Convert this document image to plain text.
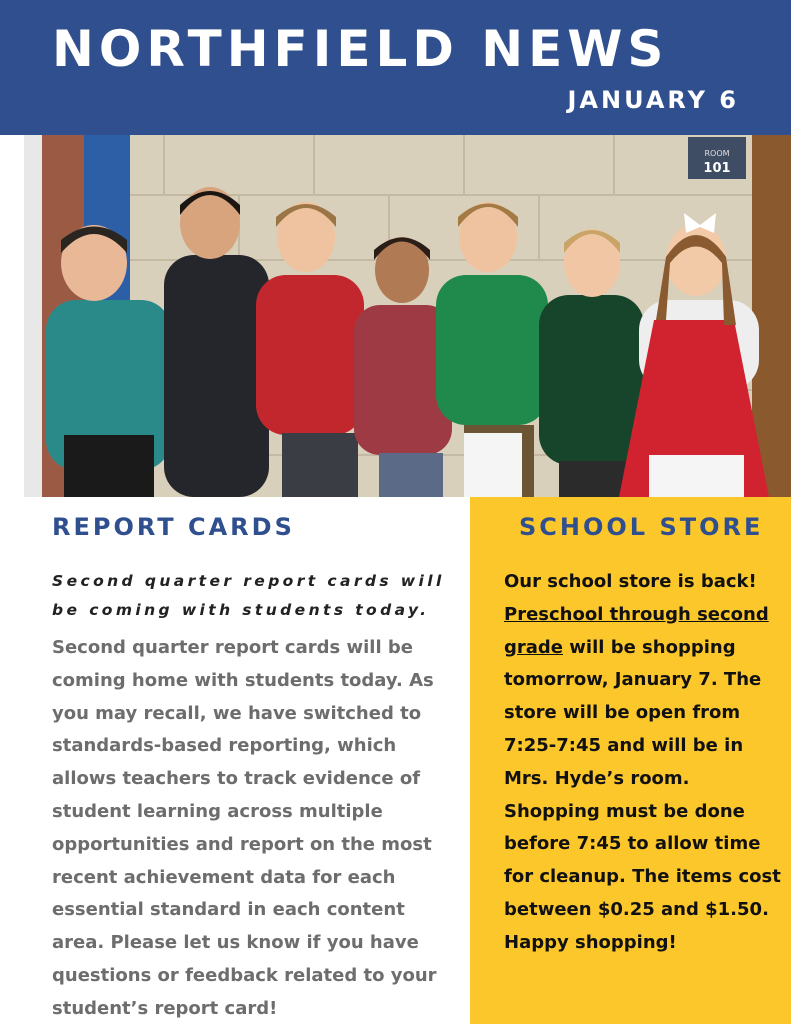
NORTHFIELD NEWS
JANUARY 6
ROOM
101
REPORT CARDS
Second quarter report cards will be coming with students today.
Second quarter report cards will be coming home with students today. As you may recall, we have switched to standards-based reporting, which allows teachers to track evidence of student learning across multiple opportunities and report on the most recent achievement data for each essential standard in each content area. Please let us know if you have questions or feedback related to your student’s report card!
SCHOOL STORE
Our school store is back! Preschool through second grade will be shopping tomorrow, January 7. The store will be open from 7:25-7:45 and will be in Mrs. Hyde’s room. Shopping must be done before 7:45 to allow time for cleanup. The items cost between $0.25 and $1.50. Happy shopping!
